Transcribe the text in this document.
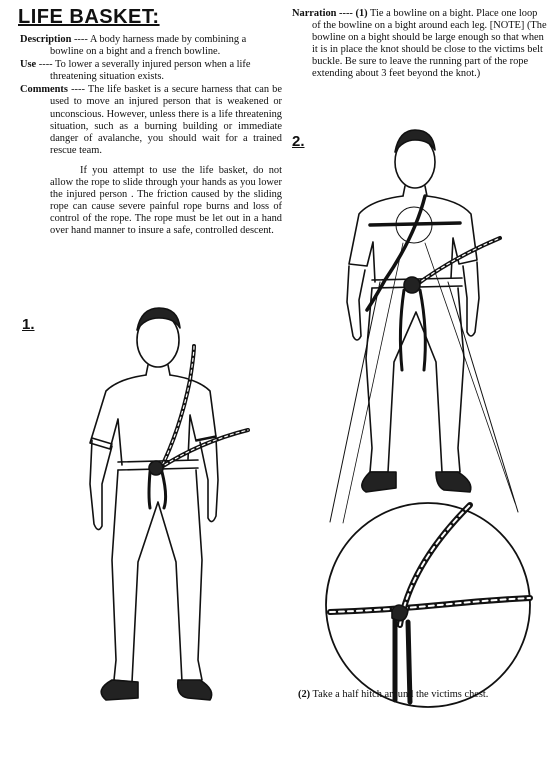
LIFE BASKET:

Description ---- A body harness made by combining a bowline on a bight and a french bowline.

Use ---- To lower a severally injured person when a life threatening situation exists.

Comments ---- The life basket is a secure harness that can be used to move an injured person that is weakened or unconscious. However, unless there is a life threatening situation, such as a burning building or immediate danger of avalanche, you should wait for a trained rescue team.

If you attempt to use the life basket, do not allow the rope to slide through your hands as you lower the injured person . The friction caused by the sliding rope can cause severe painful rope burns and loss of control of the rope. The rope must be let out in a hand over hand manner to insure a safe, controlled descent.

Narration ---- (1) Tie a bowline on a bight. Place one loop of the bowline on a bight around each leg. [NOTE] (The bowline on a bight should be large enough so that when it is in place the knot should be close to the victims belt buckle. Be sure to leave the running part of the rope extending about 3 feet beyond the knot.)

1.
2.
(2) Take a half hitch around the victims chest.
